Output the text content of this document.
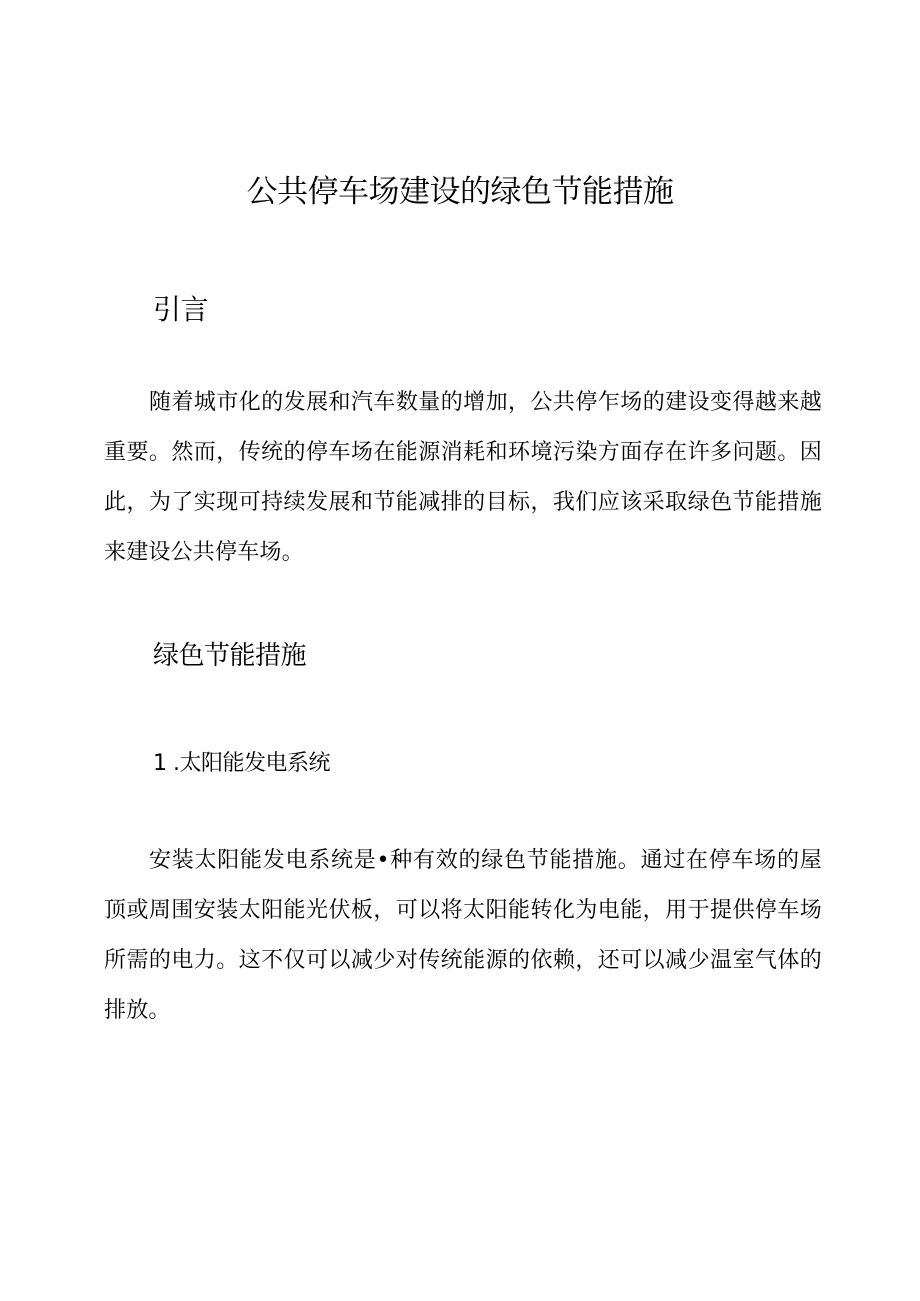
公共停车场建设的绿色节能措施
引言

随着城市化的发展和汽车数量的增加，公共停乍场的建设变得越来越重要。然而，传统的停车场在能源消耗和环境污染方面存在许多问题。因此，为了实现可持续发展和节能减排的目标，我们应该采取绿色节能措施来建设公共停车场。

绿色节能措施
1 .太阳能发电系统

安装太阳能发电系统是•种有效的绿色节能措施。通过在停车场的屋顶或周围安装太阳能光伏板，可以将太阳能转化为电能，用于提供停车场所需的电力。这不仅可以减少对传统能源的依赖，还可以减少温室气体的排放。
